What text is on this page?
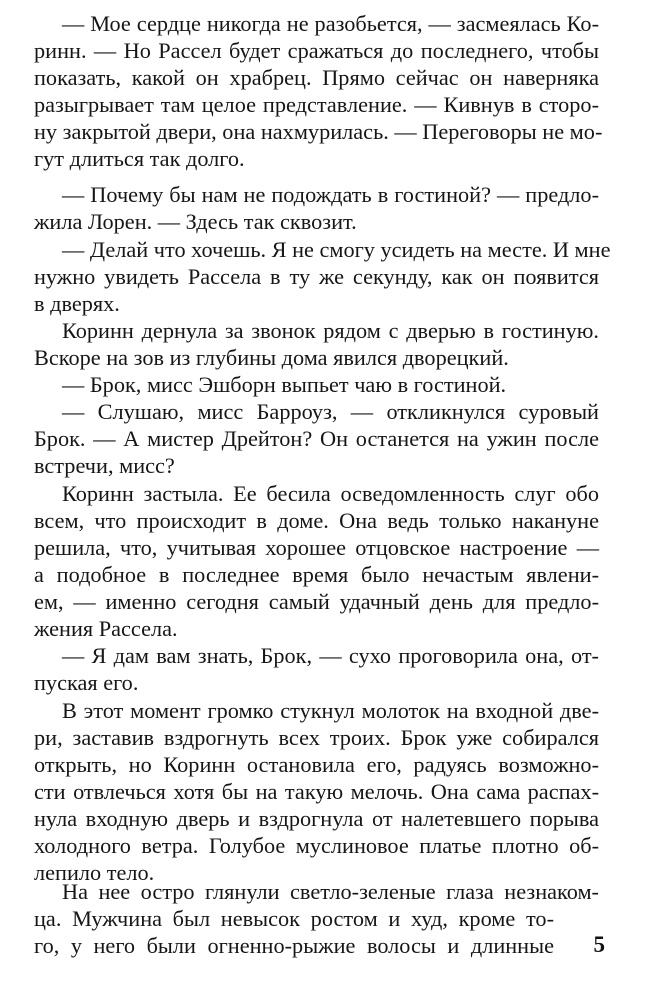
— Мое сердце никогда не разобьется, — засмеялась Ко-
ринн. — Но Рассел будет сражаться до последнего, чтобы
показать, какой он храбрец. Прямо сейчас он наверняка
разыгрывает там целое представление. — Кивнув в сторо-
ну закрытой двери, она нахмурилась. — Переговоры не мо-
гут длиться так долго.
— Почему бы нам не подождать в гостиной? — предло-
жила Лорен. — Здесь так сквозит.
— Делай что хочешь. Я не смогу усидеть на месте. И мне
нужно увидеть Рассела в ту же секунду, как он появится
в дверях.
Коринн дернула за звонок рядом с дверью в гостиную.
Вскоре на зов из глубины дома явился дворецкий.
— Брок, мисс Эшборн выпьет чаю в гостиной.
— Слушаю, мисс Барроуз, — откликнулся суровый
Брок. — А мистер Дрейтон? Он останется на ужин после
встречи, мисс?
Коринн застыла. Ее бесила осведомленность слуг обо
всем, что происходит в доме. Она ведь только накануне
решила, что, учитывая хорошее отцовское настроение —
а подобное в последнее время было нечастым явлени-
ем, — именно сегодня самый удачный день для предло-
жения Рассела.
— Я дам вам знать, Брок, — сухо проговорила она, от-
пуская его.
В этот момент громко стукнул молоток на входной две-
ри, заставив вздрогнуть всех троих. Брок уже собирался
открыть, но Коринн остановила его, радуясь возможно-
сти отвлечься хотя бы на такую мелочь. Она сама распах-
нула входную дверь и вздрогнула от налетевшего порыва
холодного ветра. Голубое муслиновое платье плотно об-
лепило тело.
На нее остро глянули светло-зеленые глаза незнаком-
ца. Мужчина был невысок ростом и худ, кроме то-
го, у него были огненно-рыжие волосы и длинные	5
